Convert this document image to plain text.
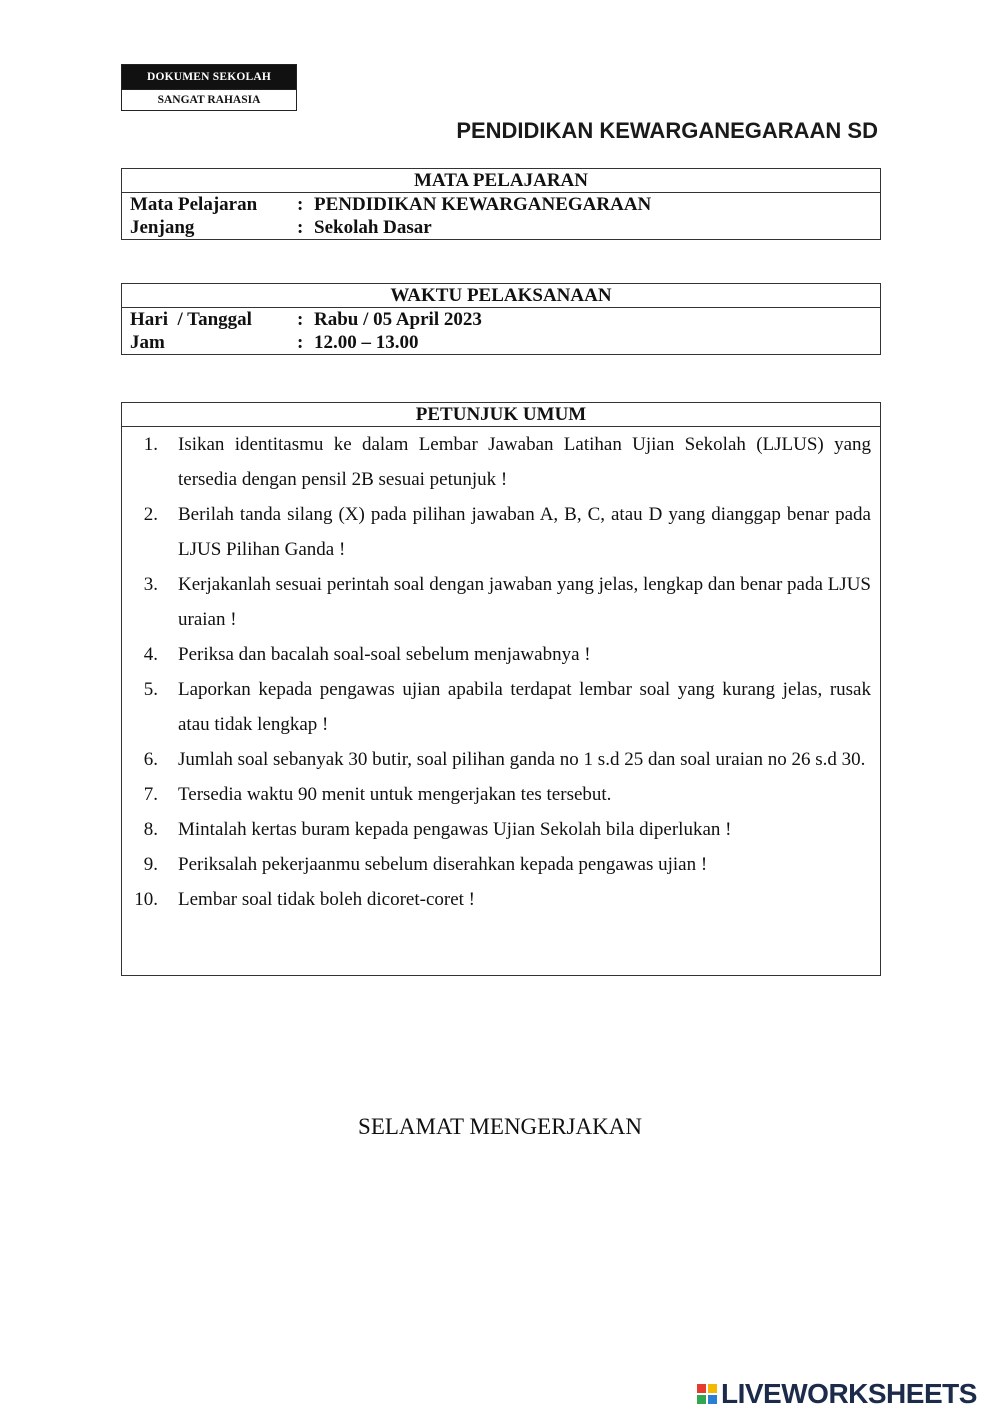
DOKUMEN SEKOLAH
SANGAT RAHASIA
PENDIDIKAN KEWARGANEGARAAN SD
MATA PELAJARAN
Mata Pelajaran : PENDIDIKAN KEWARGANEGARAAN
Jenjang	: Sekolah Dasar
WAKTU PELAKSANAAN
Hari  / Tanggal : Rabu / 05 April 2023
Jam	: 12.00 – 13.00
PETUNJUK UMUM
1. Isikan identitasmu ke dalam Lembar Jawaban Latihan Ujian Sekolah (LJLUS) yang tersedia dengan pensil 2B sesuai petunjuk !
2. Berilah tanda silang (X) pada pilihan jawaban A, B, C, atau D yang dianggap benar pada LJUS Pilihan Ganda !
3. Kerjakanlah sesuai perintah soal dengan jawaban yang jelas, lengkap dan benar pada LJUS uraian !
4. Periksa dan bacalah soal-soal sebelum menjawabnya !
5. Laporkan kepada pengawas ujian apabila terdapat lembar soal yang kurang jelas, rusak atau tidak lengkap !
6. Jumlah soal sebanyak 30 butir, soal pilihan ganda no 1 s.d 25 dan soal uraian no 26 s.d 30.
7. Tersedia waktu 90 menit untuk mengerjakan tes tersebut.
8. Mintalah kertas buram kepada pengawas Ujian Sekolah bila diperlukan !
9. Periksalah pekerjaanmu sebelum diserahkan kepada pengawas ujian !
10. Lembar soal tidak boleh dicoret-coret !
SELAMAT MENGERJAKAN
LIVEWORKSHEETS
